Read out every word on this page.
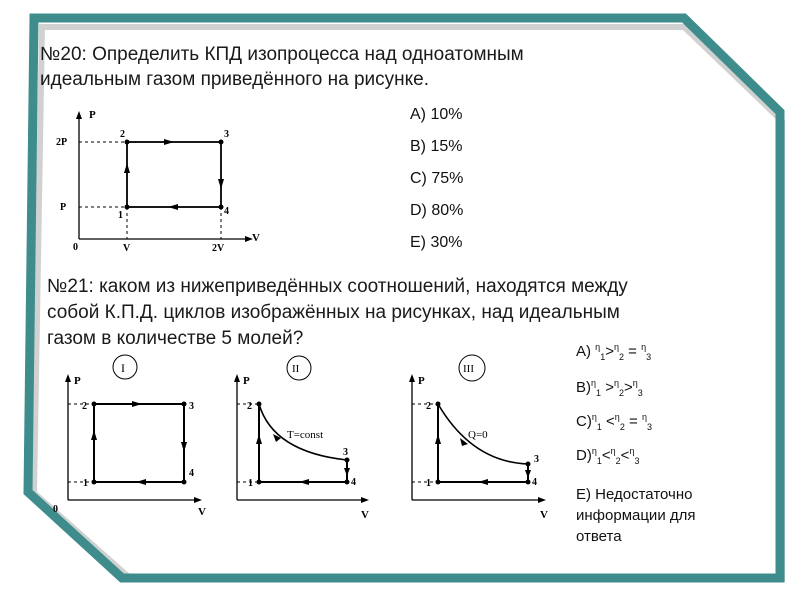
№20: Определить КПД изопроцесса над одноатомным
идеальным газом приведённого на рисунке.
P
V
0
2P
P
V	2V
1
2	3
4
А) 10%
В) 15%
С) 75%
D) 80%
Е) 30%
№21: каком из нижеприведённых соотношений, находятся между
собой К.П.Д. циклов изображённых на рисунках, над идеальным
газом в количестве 5 молей?
I
P
V
0
1
2	3
4
II
P
V
1
2
3
4
T=const
III
P
V
1
2
3
4
Q=0
А) $^\eta_1$>$^\eta_2$ = $^\eta_3$
В)$^\eta_1$ >$^\eta_2$>$^\eta_3$
С)$^\eta_1$ <$^\eta_2$ = $^\eta_3$
D)$^\eta_1$<$^\eta_2$<$^\eta_3$
Е) Недостаточно
информации для
ответа
